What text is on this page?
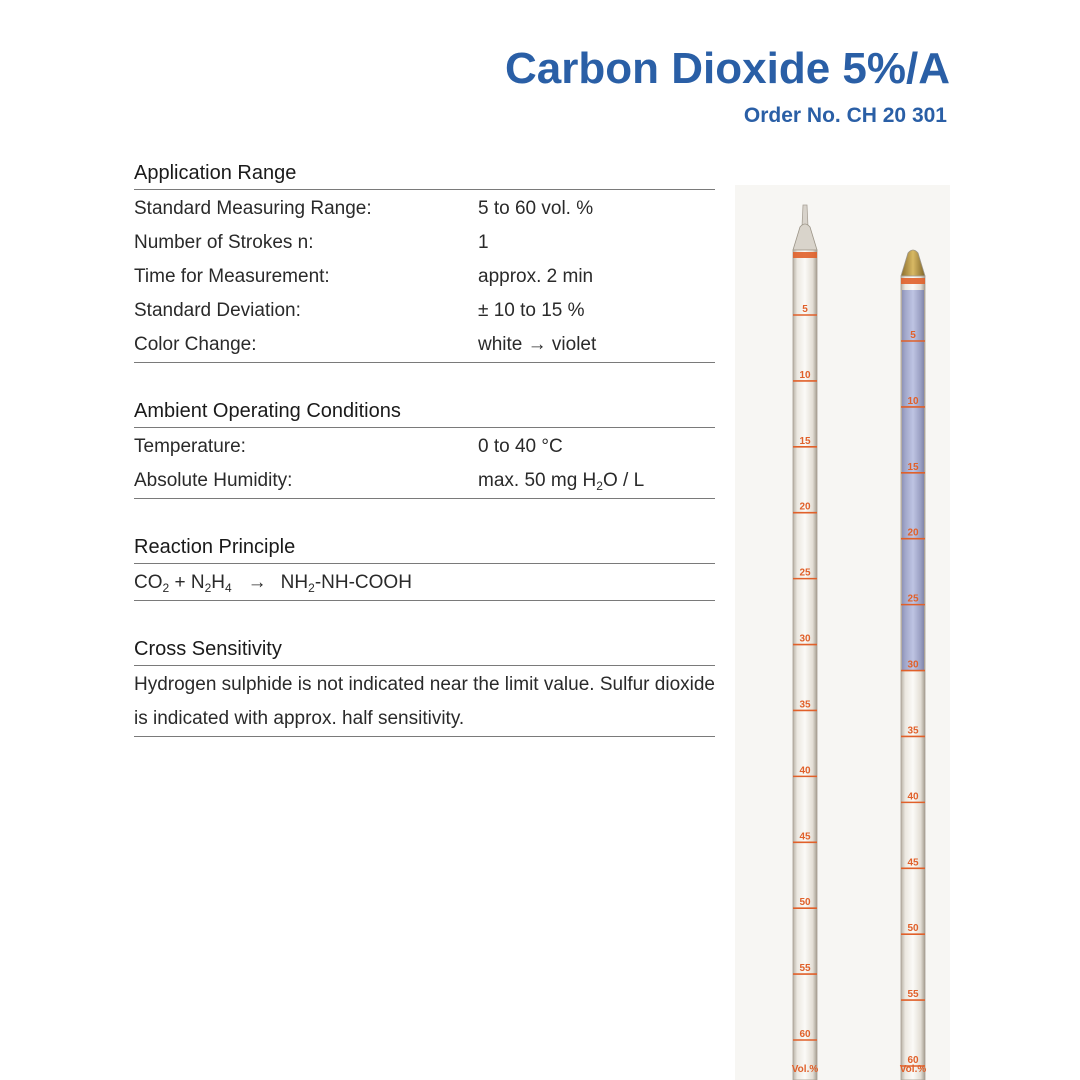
Carbon Dioxide 5%/A
Order No. CH 20 301
Application Range
Standard Measuring Range:	5 to 60 vol. %
Number of Strokes n:	1
Time for Measurement:	approx. 2 min
Standard Deviation:	± 10 to 15 %
Color Change:	white → violet
Ambient Operating Conditions
Temperature:	0 to 40 °C
Absolute Humidity:	max. 50 mg $H_2O$ / L
Reaction Principle
$CO_2 + N_2H_4$ → $NH_2-NH$-COOH
Cross Sensitivity
Hydrogen sulphide is not indicated near the limit value. Sulfur dioxide is indicated with approx. half sensitivity.
5
10
15
20
25
30
35
40
45
50
55
60
Vol.%
5
10
15
20
25
30
35
40
45
50
55
60
Vol.%
